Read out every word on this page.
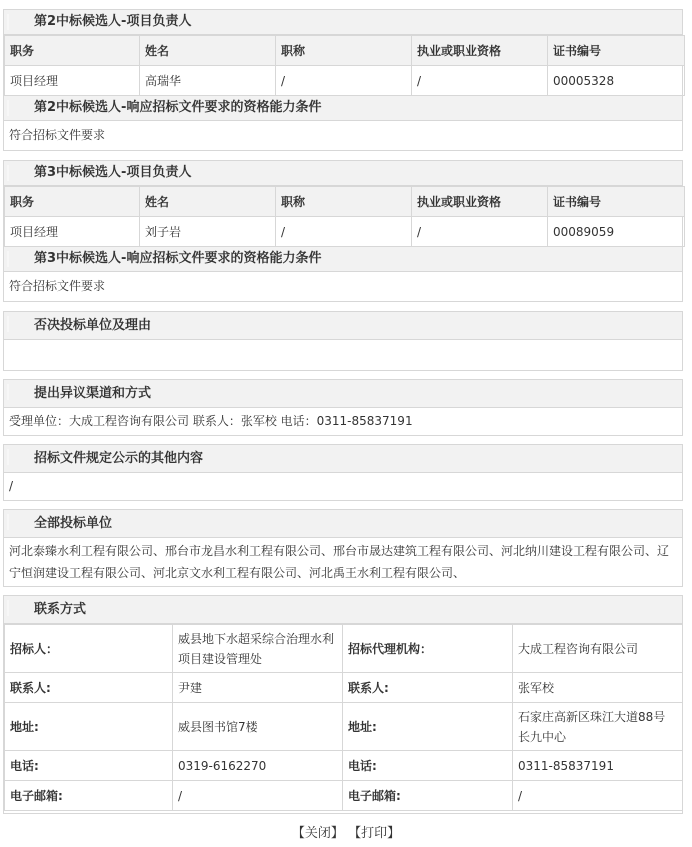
第2中标候选人-项目负责人
职务	姓名	职称	执业或职业资格	证书编号
项目经理	高瑞华	/	/	00005328
第2中标候选人-响应招标文件要求的资格能力条件
符合招标文件要求
第3中标候选人-项目负责人
职务	姓名	职称	执业或职业资格	证书编号
项目经理	刘子岩	/	/	00089059
第3中标候选人-响应招标文件要求的资格能力条件
符合招标文件要求
否决投标单位及理由
提出异议渠道和方式
受理单位：大成工程咨询有限公司 联系人：张军校 电话：0311-85837191
招标文件规定公示的其他内容
/
全部投标单位
河北泰臻水利工程有限公司、邢台市龙昌水利工程有限公司、邢台市晟达建筑工程有限公司、河北纳川建设工程有限公司、辽宁恒润建设工程有限公司、河北京文水利工程有限公司、河北禹王水利工程有限公司、
联系方式
招标人：	威县地下水超采综合治理水利项目建设管理处	招标代理机构：	大成工程咨询有限公司
联系人:	尹建	联系人:	张军校
地址:	威县图书馆7楼	地址:	石家庄高新区珠江大道88号长九中心
电话:	0319-6162270	电话:	0311-85837191
电子邮箱:	/	电子邮箱:	/
【关闭】 【打印】
